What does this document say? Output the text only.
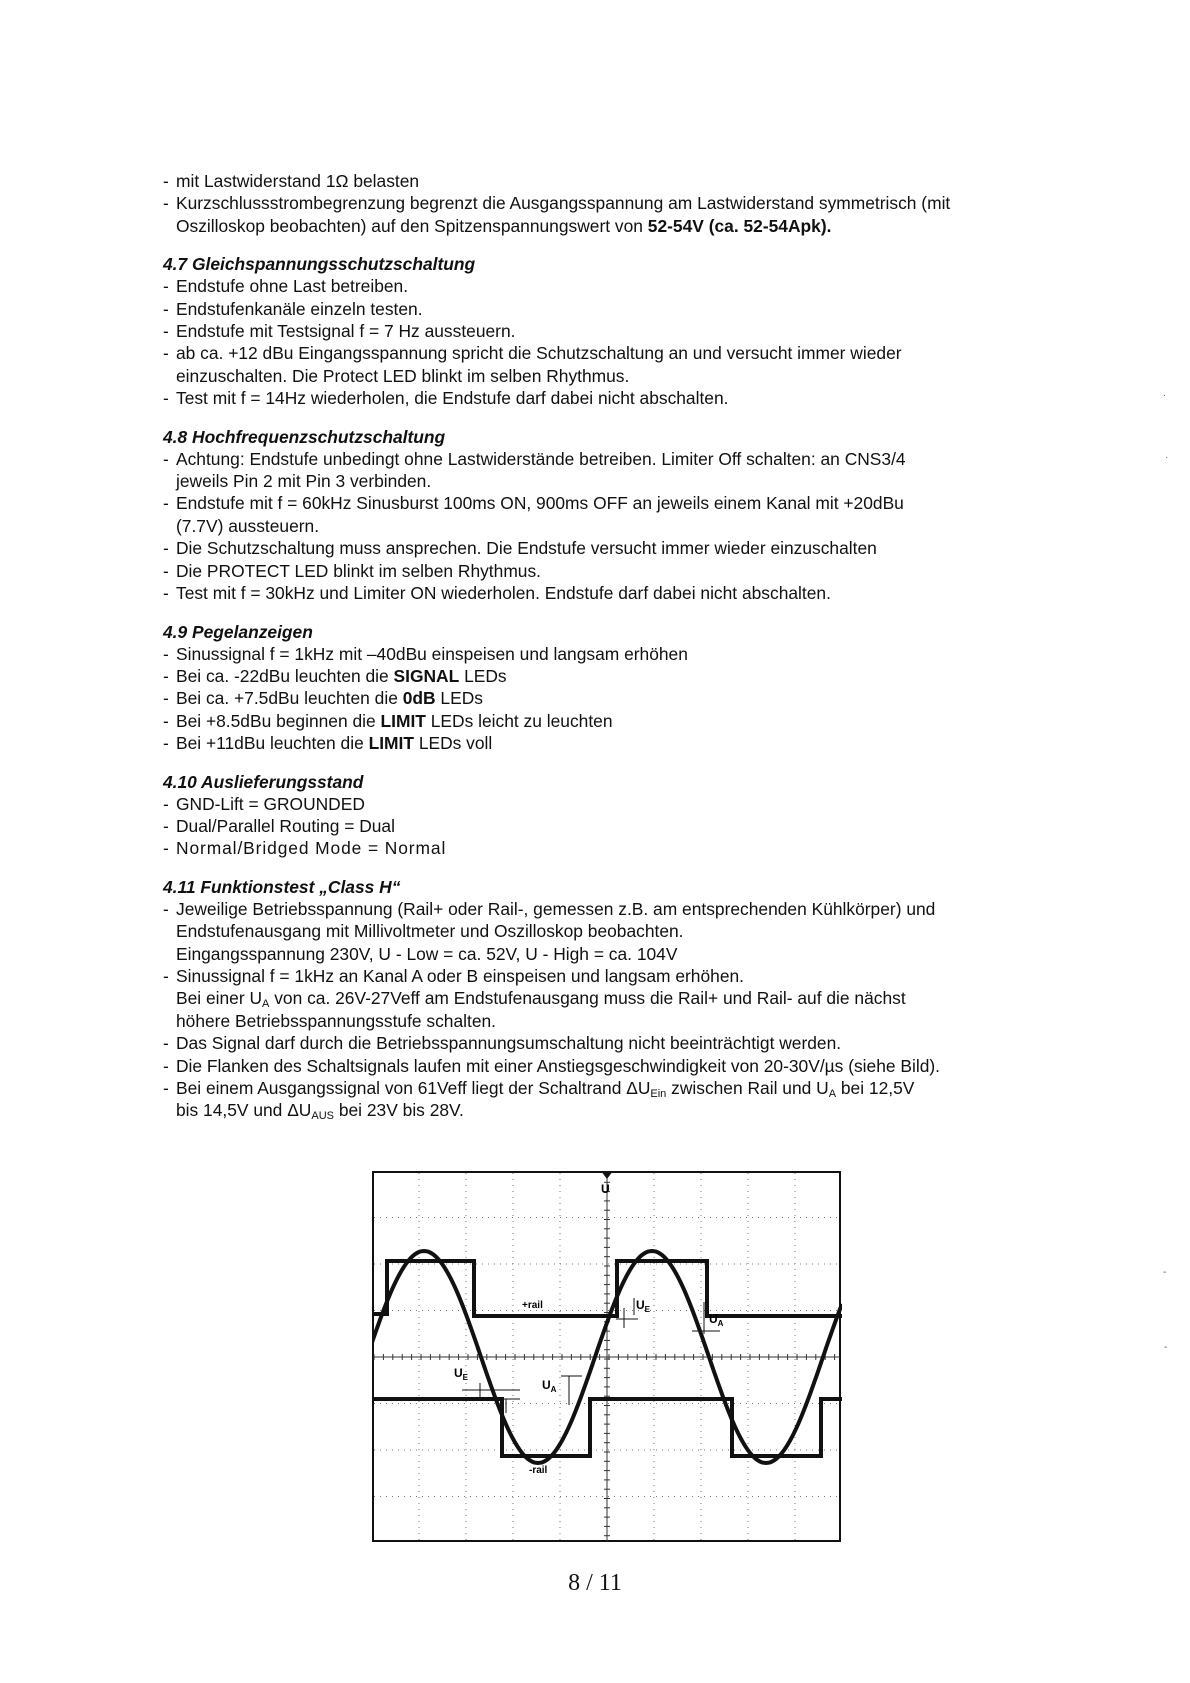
- mit Lastwiderstand 1Ω belasten
- Kurzschlussstrombegrenzung begrenzt die Ausgangsspannung am Lastwiderstand symmetrisch (mit
Oszilloskop beobachten) auf den Spitzenspannungswert von 52-54V (ca. 52-54Apk).
4.7 Gleichspannungsschutzschaltung
- Endstufe ohne Last betreiben.
- Endstufenkanäle einzeln testen.
- Endstufe mit Testsignal f = 7 Hz aussteuern.
- ab ca. +12 dBu Eingangsspannung spricht die Schutzschaltung an und versucht immer wieder
einzuschalten. Die Protect LED blinkt im selben Rhythmus.
- Test mit f = 14Hz wiederholen, die Endstufe darf dabei nicht abschalten.
4.8 Hochfrequenzschutzschaltung
- Achtung: Endstufe unbedingt ohne Lastwiderstände betreiben. Limiter Off schalten: an CNS3/4
jeweils Pin 2 mit Pin 3 verbinden.
- Endstufe mit f = 60kHz Sinusburst 100ms ON, 900ms OFF an jeweils einem Kanal mit +20dBu
(7.7V) aussteuern.
- Die Schutzschaltung muss ansprechen. Die Endstufe versucht immer wieder einzuschalten
- Die PROTECT LED blinkt im selben Rhythmus.
- Test mit f = 30kHz und Limiter ON wiederholen. Endstufe darf dabei nicht abschalten.
4.9 Pegelanzeigen
- Sinussignal f = 1kHz mit –40dBu einspeisen und langsam erhöhen
- Bei ca. -22dBu leuchten die SIGNAL LEDs
- Bei ca. +7.5dBu leuchten die 0dB LEDs
- Bei +8.5dBu beginnen die LIMIT LEDs leicht zu leuchten
- Bei +11dBu leuchten die LIMIT LEDs voll
4.10 Auslieferungsstand
- GND-Lift = GROUNDED
- Dual/Parallel Routing = Dual
- Normal/Bridged Mode = Normal
4.11 Funktionstest „Class H“
- Jeweilige Betriebsspannung (Rail+ oder Rail-, gemessen z.B. am entsprechenden Kühlkörper) und
Endstufenausgang mit Millivoltmeter und Oszilloskop beobachten.
Eingangsspannung 230V, U - Low = ca. 52V, U - High = ca. 104V
- Sinussignal f = 1kHz an Kanal A oder B einspeisen und langsam erhöhen.
Bei einer $U_A$ von ca. 26V-27Veff am Endstufenausgang muss die Rail+ und Rail- auf die nächst
höhere Betriebsspannungsstufe schalten.
- Das Signal darf durch die Betriebsspannungsumschaltung nicht beeinträchtigt werden.
- Die Flanken des Schaltsignals laufen mit einer Anstiegsgeschwindigkeit von 20-30V/µs (siehe Bild).
- Bei einem Ausgangssignal von 61Veff liegt der Schaltrand $\Delta U_{Ein}$ zwischen Rail und $U_A$ bei 12,5V
bis 14,5V und $\Delta U_{AUS}$ bei 23V bis 28V.
U
+rail
-rail
$U_E$
$U_A$
$U_E$
$U_A$
8 / 11
.
·
-
-
